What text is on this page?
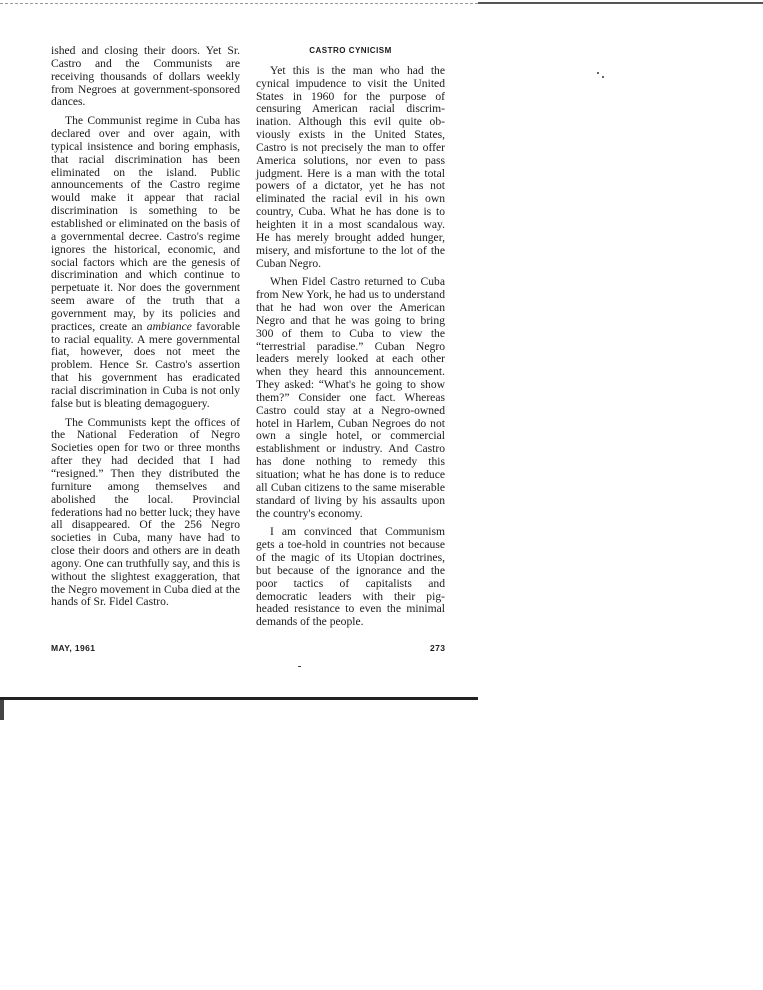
ished and closing their doors. Yet Sr. Castro and the Communists are receiving thousands of dollars weekly from Negroes at government-sponsored dances.

The Communist regime in Cuba has declared over and over again, with typical insistence and boring emphasis, that racial discrimination has been eliminated on the island. Public announcements of the Castro regime would make it appear that racial discrimination is something to be established or eliminated on the basis of a governmental decree. Castro's regime ignores the historical, economic, and social factors which are the genesis of discrimination and which continue to perpetuate it. Nor does the government seem aware of the truth that a government may, by its policies and practices, create an ambiance favorable to racial equality. A mere governmental fiat, however, does not meet the problem. Hence Sr. Castro's assertion that his government has eradicated racial discrimination in Cuba is not only false but is bleating demagoguery.

The Communists kept the offices of the National Federation of Negro Societies open for two or three months after they had decided that I had “resigned.” Then they distributed the furniture among themselves and abolished the local. Provincial federations had no better luck; they have all disappeared. Of the 256 Negro societies in Cuba, many have had to close their doors and others are in death agony. One can truthfully say, and this is without the slightest exaggeration, that the Negro movement in Cuba died at the hands of Sr. Fidel Castro.

CASTRO CYNICISM

Yet this is the man who had the cynical impudence to visit the United States in 1960 for the purpose of censuring American racial discrimination. Although this evil quite obviously exists in the United States, Castro is not precisely the man to offer America solutions, nor even to pass judgment. Here is a man with the total powers of a dictator, yet he has not eliminated the racial evil in his own country, Cuba. What he has done is to heighten it in a most scandalous way. He has merely brought added hunger, misery, and misfortune to the lot of the Cuban Negro.

When Fidel Castro returned to Cuba from New York, he had us to understand that he had won over the American Negro and that he was going to bring 300 of them to Cuba to view the “terrestrial paradise.” Cuban Negro leaders merely looked at each other when they heard this announcement. They asked: “What's he going to show them?” Consider one fact. Whereas Castro could stay at a Negro-owned hotel in Harlem, Cuban Negroes do not own a single hotel, or commercial establishment or industry. And Castro has done nothing to remedy this situation; what he has done is to reduce all Cuban citizens to the same miserable standard of living by his assaults upon the country's economy.

I am convinced that Communism gets a toe-hold in countries not because of the magic of its Utopian doctrines, but because of the ignorance and the poor tactics of capitalists and democratic leaders with their pig-headed resistance to even the minimal demands of the people.

MAY, 1961	273
